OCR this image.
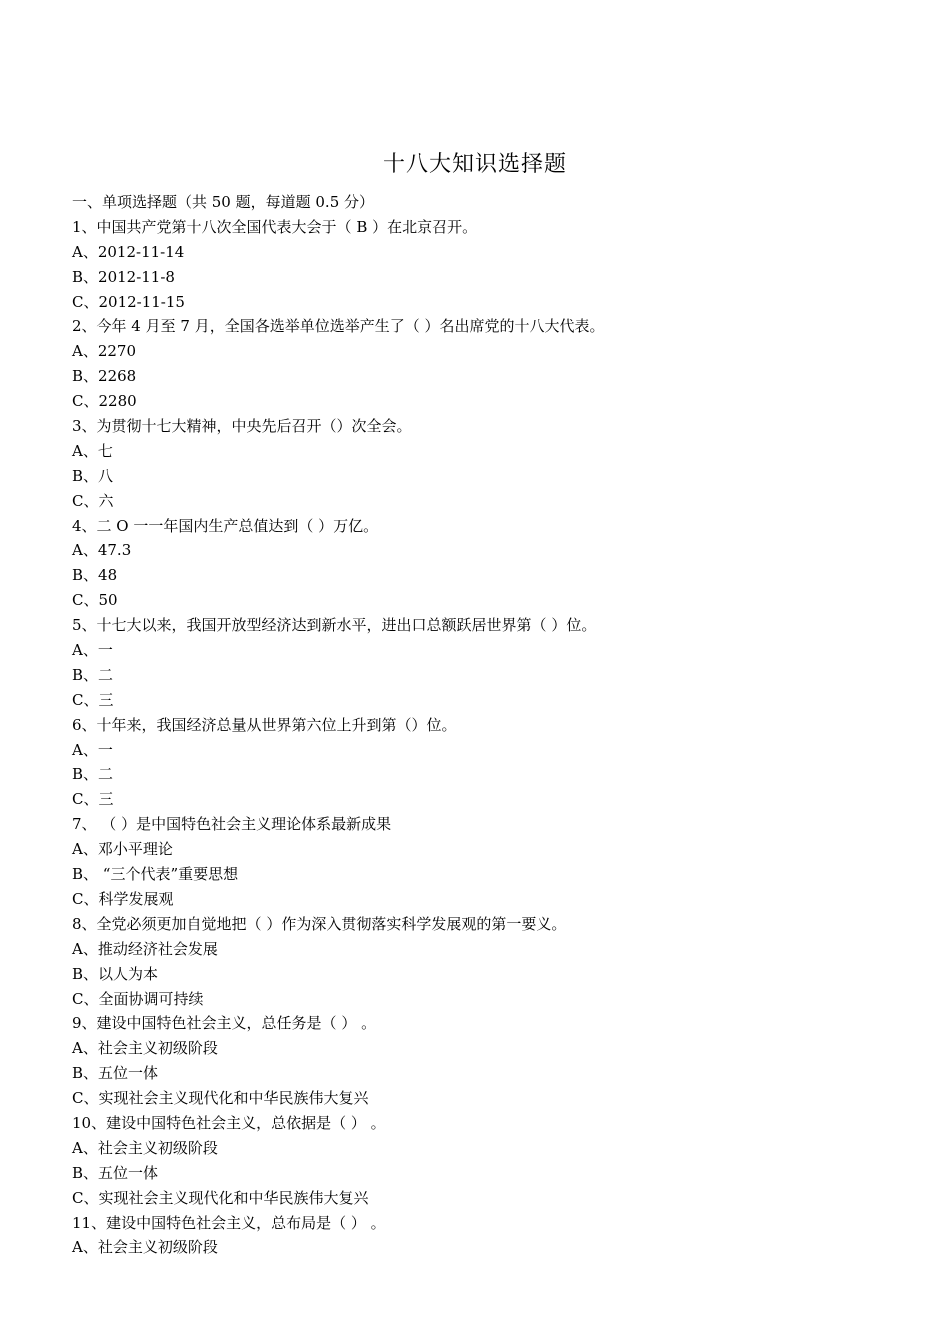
十八大知识选择题
一、单项选择题（共 50 题，每道题 0.5 分）
1、中国共产党第十八次全国代表大会于（ B ）在北京召开。
A、2012-11-14
B、2012-11-8
C、2012-11-15
2、今年 4 月至 7 月，全国各选举单位选举产生了（ ）名出席党的十八大代表。
A、2270
B、2268
C、2280
3、为贯彻十七大精神，中央先后召开（）次全会。
A、七
B、八
C、六
4、二 O 一一年国内生产总值达到（ ）万亿。
A、47.3
B、48
C、50
5、十七大以来，我国开放型经济达到新水平，进出口总额跃居世界第（ ）位。
A、一
B、二
C、三
6、十年来，我国经济总量从世界第六位上升到第（）位。
A、一
B、二
C、三
7、 （ ）是中国特色社会主义理论体系最新成果
A、邓小平理论
B、 “三个代表”重要思想
C、科学发展观
8、全党必须更加自觉地把（ ）作为深入贯彻落实科学发展观的第一要义。
A、推动经济社会发展
B、以人为本
C、全面协调可持续
9、建设中国特色社会主义，总任务是（ ） 。
A、社会主义初级阶段
B、五位一体
C、实现社会主义现代化和中华民族伟大复兴
10、建设中国特色社会主义，总依据是（ ） 。
A、社会主义初级阶段
B、五位一体
C、实现社会主义现代化和中华民族伟大复兴
11、建设中国特色社会主义，总布局是（ ） 。
A、社会主义初级阶段
